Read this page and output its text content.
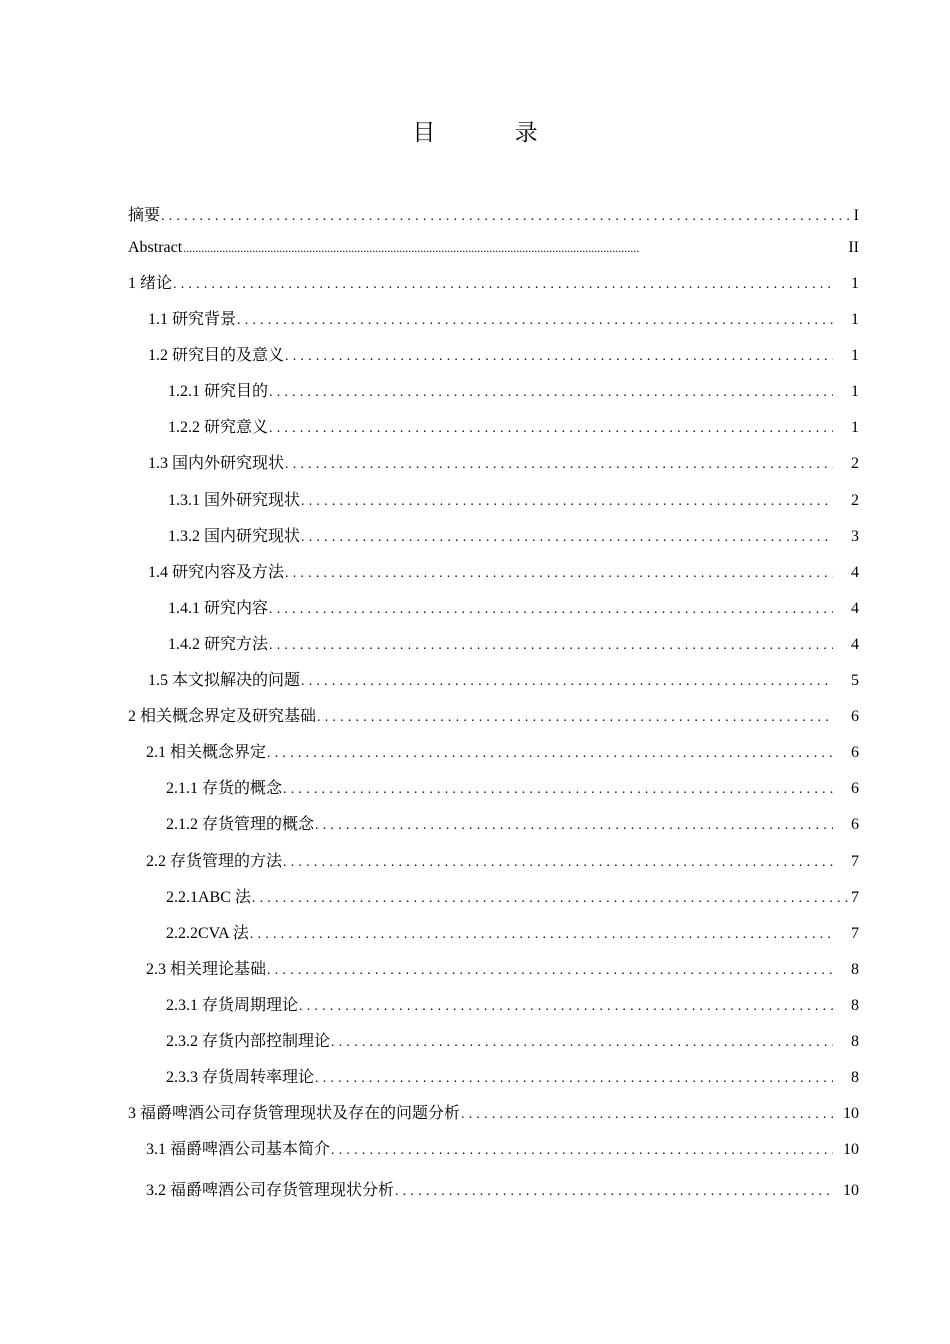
目 录
摘要 .....	I
Abstract .....	II
1 绪论 .....	1
1.1 研究背景 .....	1
1.2 研究目的及意义 .....	1
1.2.1 研究目的 .....	1
1.2.2 研究意义 .....	1
1.3 国内外研究现状 .....	2
1.3.1 国外研究现状 .....	2
1.3.2 国内研究现状 .....	3
1.4 研究内容及方法 .....	4
1.4.1 研究内容 .....	4
1.4.2 研究方法 .....	4
1.5 本文拟解决的问题 .....	5
2 相关概念界定及研究基础 .....	6
2.1 相关概念界定 .....	6
2.1.1 存货的概念 .....	6
2.1.2 存货管理的概念 .....	6
2.2 存货管理的方法 .....	7
2.2.1ABC 法 .....	7
2.2.2CVA 法 .....	7
2.3 相关理论基础 .....	8
2.3.1 存货周期理论 .....	8
2.3.2 存货内部控制理论 .....	8
2.3.3 存货周转率理论 .....	8
3 福爵啤酒公司存货管理现状及存在的问题分析 .....	10
3.1 福爵啤酒公司基本简介 .....	10
3.2 福爵啤酒公司存货管理现状分析 .....	10
